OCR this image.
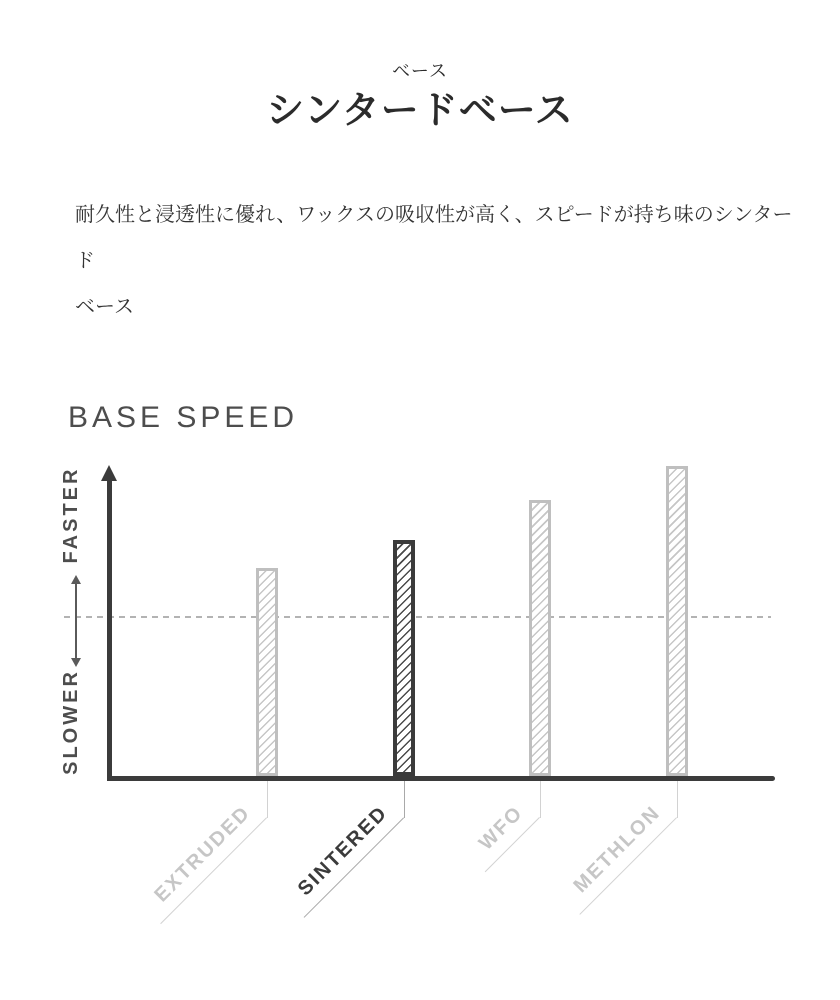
ベース
シンタードベース
耐久性と浸透性に優れ、ワックスの吸収性が高く、スピードが持ち味のシンタード
ベース
BASE SPEED
FASTER
SLOWER
EXTRUDED	SINTERED	WFO	METHLON
